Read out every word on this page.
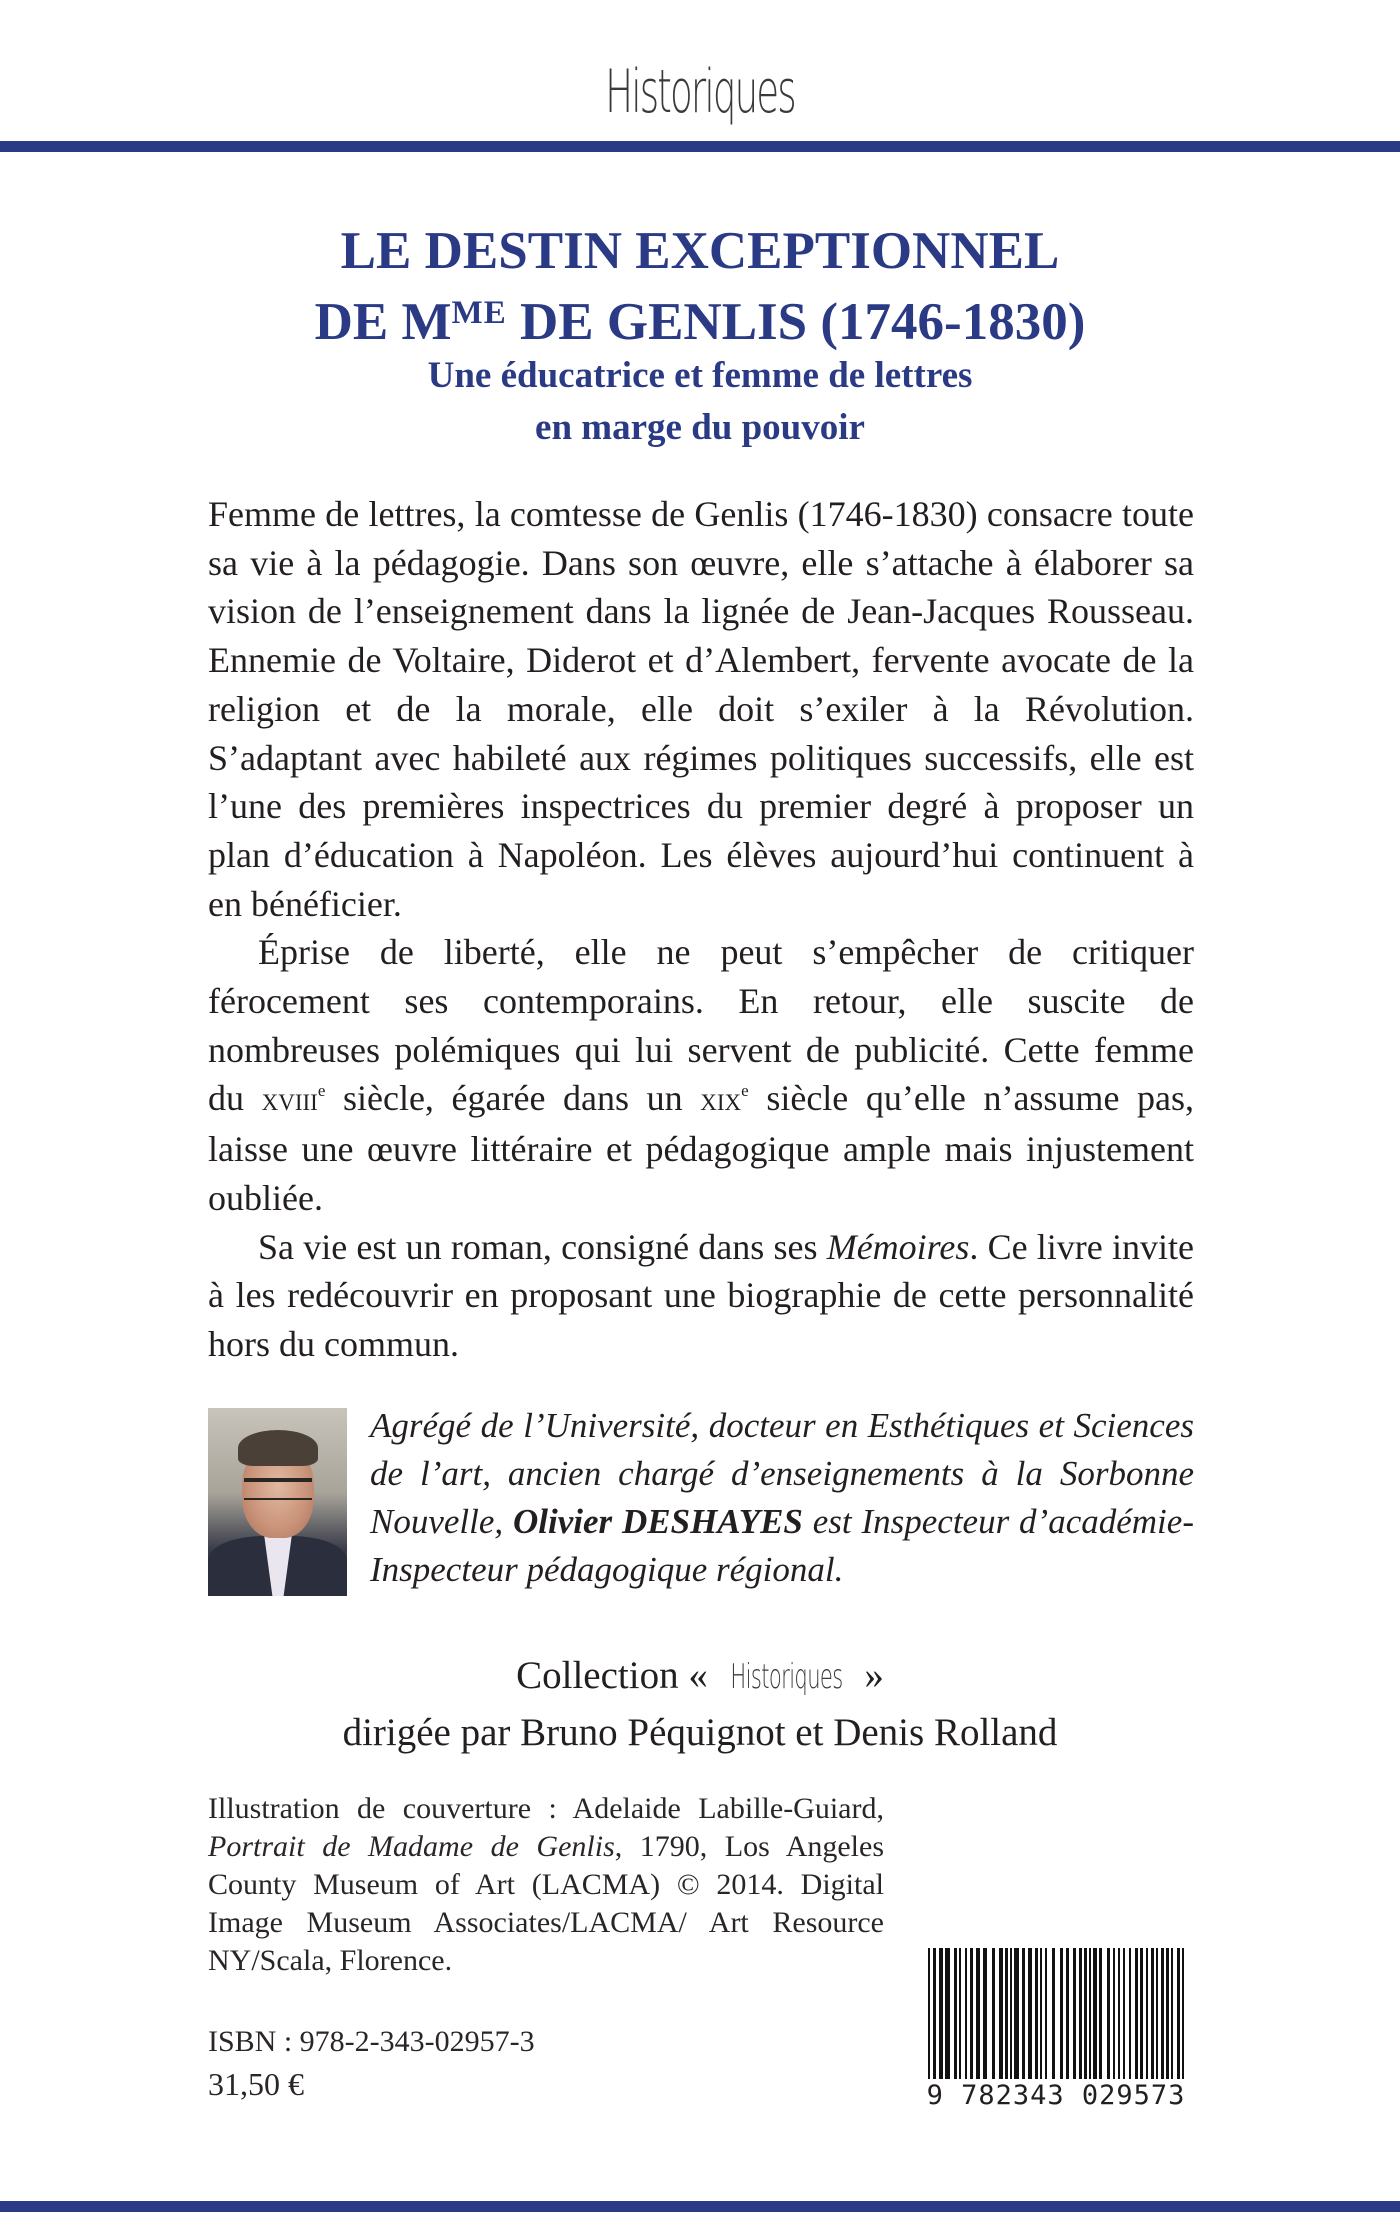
Historiques
LE DESTIN EXCEPTIONNEL
DE $M^{ME}$ DE GENLIS (1746-1830)
Une éducatrice et femme de lettres
en marge du pouvoir

Femme de lettres, la comtesse de Genlis (1746-1830) consacre toute sa vie à la pédagogie. Dans son œuvre, elle s’attache à élaborer sa vision de l’enseignement dans la lignée de Jean-Jacques Rousseau. Ennemie de Voltaire, Diderot et d’Alembert, fervente avocate de la religion et de la morale, elle doit s’exiler à la Révolution. S’adaptant avec habileté aux régimes politiques successifs, elle est l’une des premières inspectrices du premier degré à proposer un plan d’éducation à Napoléon. Les élèves aujourd’hui continuent à en bénéficier.

Éprise de liberté, elle ne peut s’empêcher de critiquer férocement ses contemporains. En retour, elle suscite de nombreuses polémiques qui lui servent de publicité. Cette femme du xviii$^e$ siècle, égarée dans un xix$^e$ siècle qu’elle n’assume pas, laisse une œuvre littéraire et pédagogique ample mais injustement oubliée.

Sa vie est un roman, consigné dans ses Mémoires. Ce livre invite à les redécouvrir en proposant une biographie de cette personnalité hors du commun.

Agrégé de l’Université, docteur en Esthétiques et Sciences de l’art, ancien chargé d’enseignements à la Sorbonne Nouvelle, Olivier DESHAYES est Inspecteur d’académie-Inspecteur pédagogique régional.
Collection « Historiques »
dirigée par Bruno Péquignot et Denis Rolland
Illustration de couverture : Adelaide Labille-Guiard, Portrait de Madame de Genlis, 1790, Los Angeles County Museum of Art (LACMA) © 2014. Digital Image Museum Associates/LACMA/ Art Resource NY/Scala, Florence.
ISBN : 978-2-343-02957-3
31,50 €	9 782343 029573
